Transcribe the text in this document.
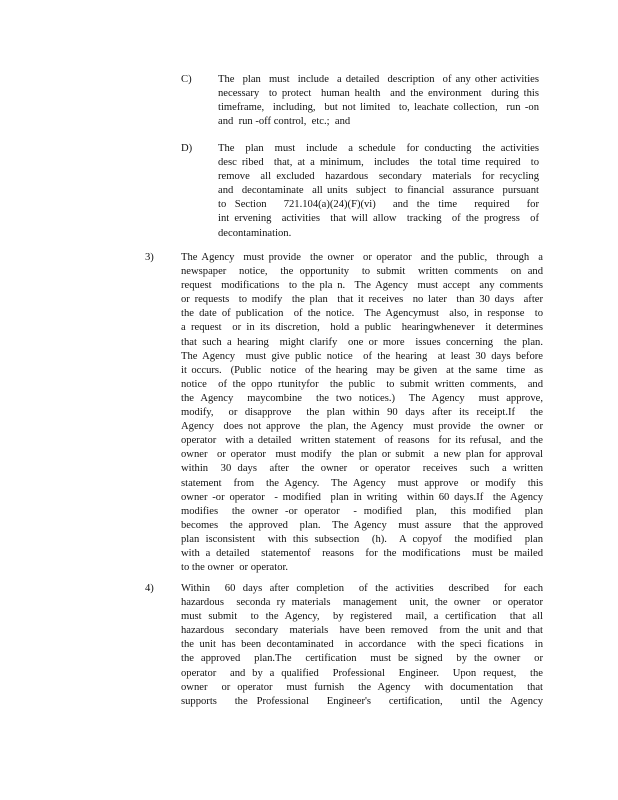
C) The  plan  must  include  a detailed  description  of any other activities
necessary  to protect  human health  and the environment  during this
timeframe,  including,  but not limited  to, leachate collection,  run -on
and  run -off control,  etc.;  and
D) The  plan  must  include  a schedule  for conducting  the activities
desc ribed  that, at a minimum,  includes  the total time required  to
remove  all excluded  hazardous  secondary  materials  for recycling
and  decontaminate  all units  subject  to financial  assurance  pursuant
to Section  721.104(a)(24)(F)(vi)  and the time  required  for
int ervening  activities  that will allow  tracking  of the progress  of
decontamination.
3)	The Agency  must provide  the owner  or operator  and the public,  through  a
newspaper  notice,  the opportunity  to submit  written comments  on and
request  modifications  to the pla n.  The Agency  must accept  any comments
or requests  to modify  the plan  that it receives  no later  than 30 days  after
the date of publication  of the notice.  The Agencymust  also, in response  to
a request  or in its discretion,  hold a public  hearingwhenever  it determines
that such a hearing  might clarify  one or more  issues concerning  the plan.
The Agency  must give public notice  of the hearing  at least 30 days before
it occurs.  (Public  notice  of the hearing  may be given  at the same  time  as
notice  of the oppo rtunityfor  the public  to submit written comments,  and
the Agency  maycombine  the two notices.)  The Agency  must approve,
modify,  or disapprove  the plan within 90 days after its receipt.If  the
Agency  does not approve  the plan, the Agency  must provide  the owner  or
operator  with a detailed  written statement  of reasons  for its refusal,  and the
owner  or operator  must modify  the plan or submit  a new plan for approval
within  30 days  after  the owner  or operator  receives  such  a written
statement  from  the Agency.  The Agency  must approve  or modify  this
owner -or operator  - modified  plan in writing  within 60 days.If  the Agency
modifies  the owner -or operator  - modified  plan,  this modified  plan
becomes  the approved  plan.  The Agency  must assure  that the approved
plan isconsistent  with this subsection  (h).  A copyof  the modified  plan
with a detailed  statementof  reasons  for the modifications  must be mailed
to the owner  or operator.
4)	Within  60 days after completion  of the activities  described  for each
hazardous  seconda ry materials  management  unit, the owner  or operator
must submit  to the Agency,  by registered  mail, a certification  that all
hazardous  secondary  materials  have been removed  from the unit and that
the unit has been decontaminated  in accordance  with the speci fications  in
the approved  plan.The  certification  must be signed  by the owner  or
operator  and by a qualified  Professional  Engineer.  Upon request,  the
owner  or operator  must furnish  the Agency  with documentation  that
supports  the Professional  Engineer's  certification,  until the Agency
